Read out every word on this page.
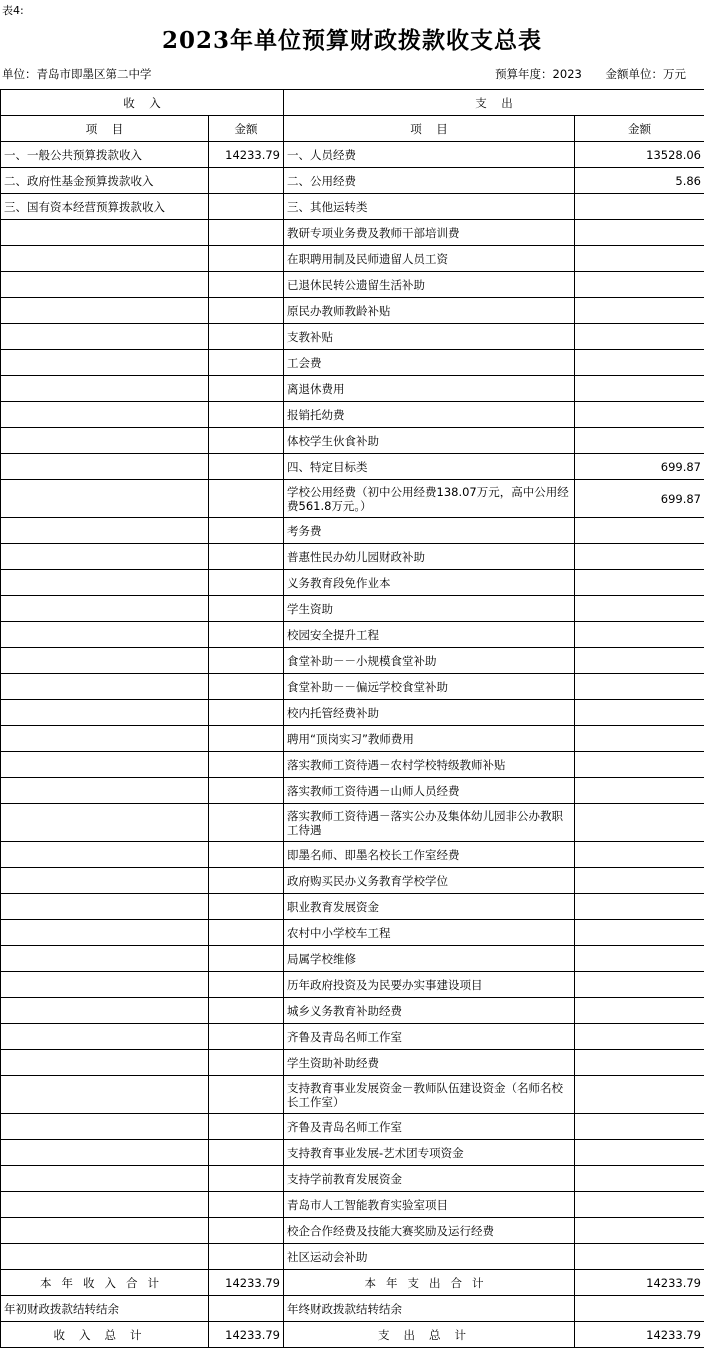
表4:
2023年单位预算财政拨款收支总表
单位：青岛市即墨区第二中学	预算年度：2023 金额单位：万元
收    入		支    出	
项    目	金额	项    目	金额
一、一般公共预算拨款收入	14233.79	一、人员经费	13528.06
二、政府性基金预算拨款收入		二、公用经费	5.86
三、国有资本经营预算拨款收入		三、其他运转类	
		教研专项业务费及教师干部培训费	
		在职聘用制及民师遗留人员工资	
		已退休民转公遗留生活补助	
		原民办教师教龄补贴	
		支教补贴	
		工会费	
		离退休费用	
		报销托幼费	
		体校学生伙食补助	
		四、特定目标类	699.87
		学校公用经费（初中公用经费138.07万元，高中公用经费561.8万元。）	699.87
		考务费	
		普惠性民办幼儿园财政补助	
		义务教育段免作业本	
		学生资助	
		校园安全提升工程	
		食堂补助－－小规模食堂补助	
		食堂补助－－偏远学校食堂补助	
		校内托管经费补助	
		聘用“顶岗实习”教师费用	
		落实教师工资待遇－农村学校特级教师补贴	
		落实教师工资待遇－山师人员经费	
		落实教师工资待遇－落实公办及集体幼儿园非公办教职工待遇	
		即墨名师、即墨名校长工作室经费	
		政府购买民办义务教育学校学位	
		职业教育发展资金	
		农村中小学校车工程	
		局属学校维修	
		历年政府投资及为民要办实事建设项目	
		城乡义务教育补助经费	
		齐鲁及青岛名师工作室	
		学生资助补助经费	
		支持教育事业发展资金－教师队伍建设资金（名师名校长工作室）	
		齐鲁及青岛名师工作室	
		支持教育事业发展-艺术团专项资金	
		支持学前教育发展资金	
		青岛市人工智能教育实验室项目	
		校企合作经费及技能大赛奖励及运行经费	
		社区运动会补助	
本年收入合计	14233.79	本年支出合计	14233.79
年初财政拨款结转结余		年终财政拨款结转结余	
收入总计	14233.79	支出总计	14233.79
